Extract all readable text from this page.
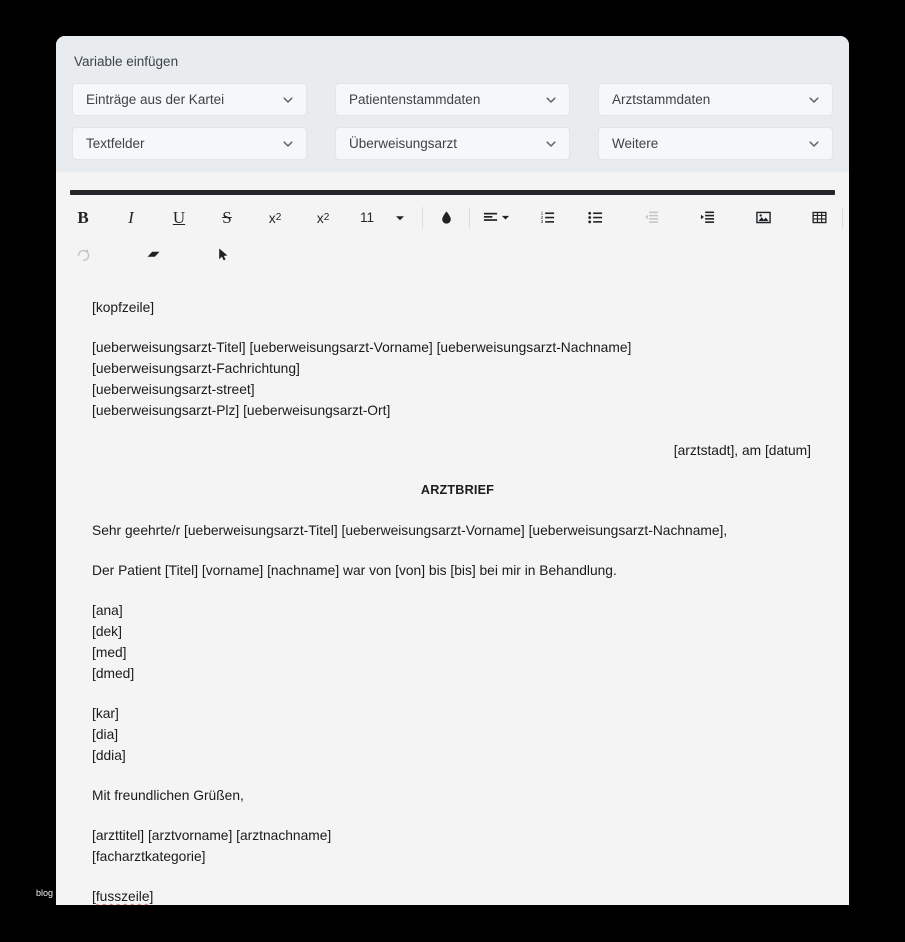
blog
Variable einfügen
Einträge aus der Kartei	Patientenstammdaten	Arztstammdaten
Textfelder	Überweisungsarzt	Weitere
B	I	U	S	x 2	x 2	11	1
2
3

[kopfzeile]

[ueberweisungsarzt-Titel] [ueberweisungsarzt-Vorname] [ueberweisungsarzt-Nachname]

[ueberweisungsarzt-Fachrichtung]

[ueberweisungsarzt-street]

[ueberweisungsarzt-Plz] [ueberweisungsarzt-Ort]

[arztstadt], am [datum]

ARZTBRIEF

Sehr geehrte/r [ueberweisungsarzt-Titel] [ueberweisungsarzt-Vorname] [ueberweisungsarzt-Nachname],

Der Patient [Titel] [vorname] [nachname] war von [von] bis [bis] bei mir in Behandlung.

[ana]

[dek]

[med]

[dmed]

[kar]

[dia]

[ddia]

Mit freundlichen Grüßen,

[arzttitel] [arztvorname] [arztnachname]

[facharztkategorie]

[fusszeile]
